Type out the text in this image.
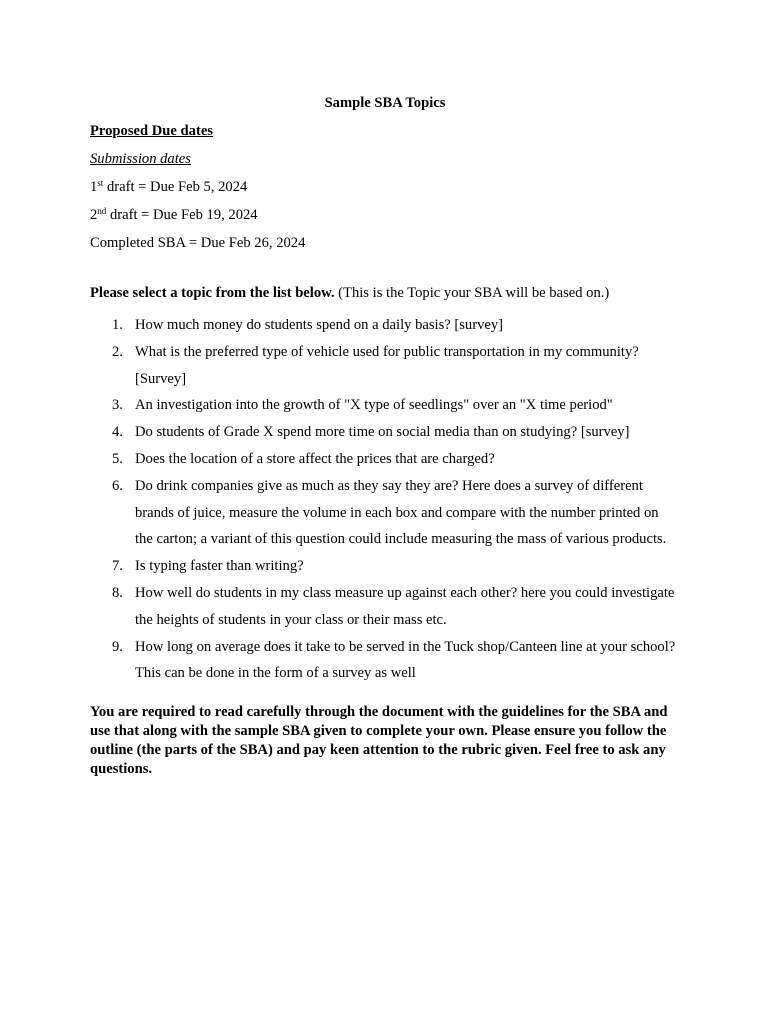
Sample SBA Topics

Proposed Due dates

Submission dates

1st draft = Due Feb 5, 2024

2nd draft = Due Feb 19, 2024

Completed SBA = Due Feb 26, 2024

Please select a topic from the list below. (This is the Topic your SBA will be based on.)

1. How much money do students spend on a daily basis? [survey]
2. What is the preferred type of vehicle used for public transportation in my community? [Survey]
3. An investigation into the growth of "X type of seedlings" over an "X time period"
4. Do students of Grade X spend more time on social media than on studying? [survey]
5. Does the location of a store affect the prices that are charged?
6. Do drink companies give as much as they say they are? Here does a survey of different brands of juice, measure the volume in each box and compare with the number printed on the carton; a variant of this question could include measuring the mass of various products.
7. Is typing faster than writing?
8. How well do students in my class measure up against each other? here you could investigate the heights of students in your class or their mass etc.
9. How long on average does it take to be served in the Tuck shop/Canteen line at your school? This can be done in the form of a survey as well

You are required to read carefully through the document with the guidelines for the SBA and use that along with the sample SBA given to complete your own. Please ensure you follow the outline (the parts of the SBA) and pay keen attention to the rubric given. Feel free to ask any questions.
